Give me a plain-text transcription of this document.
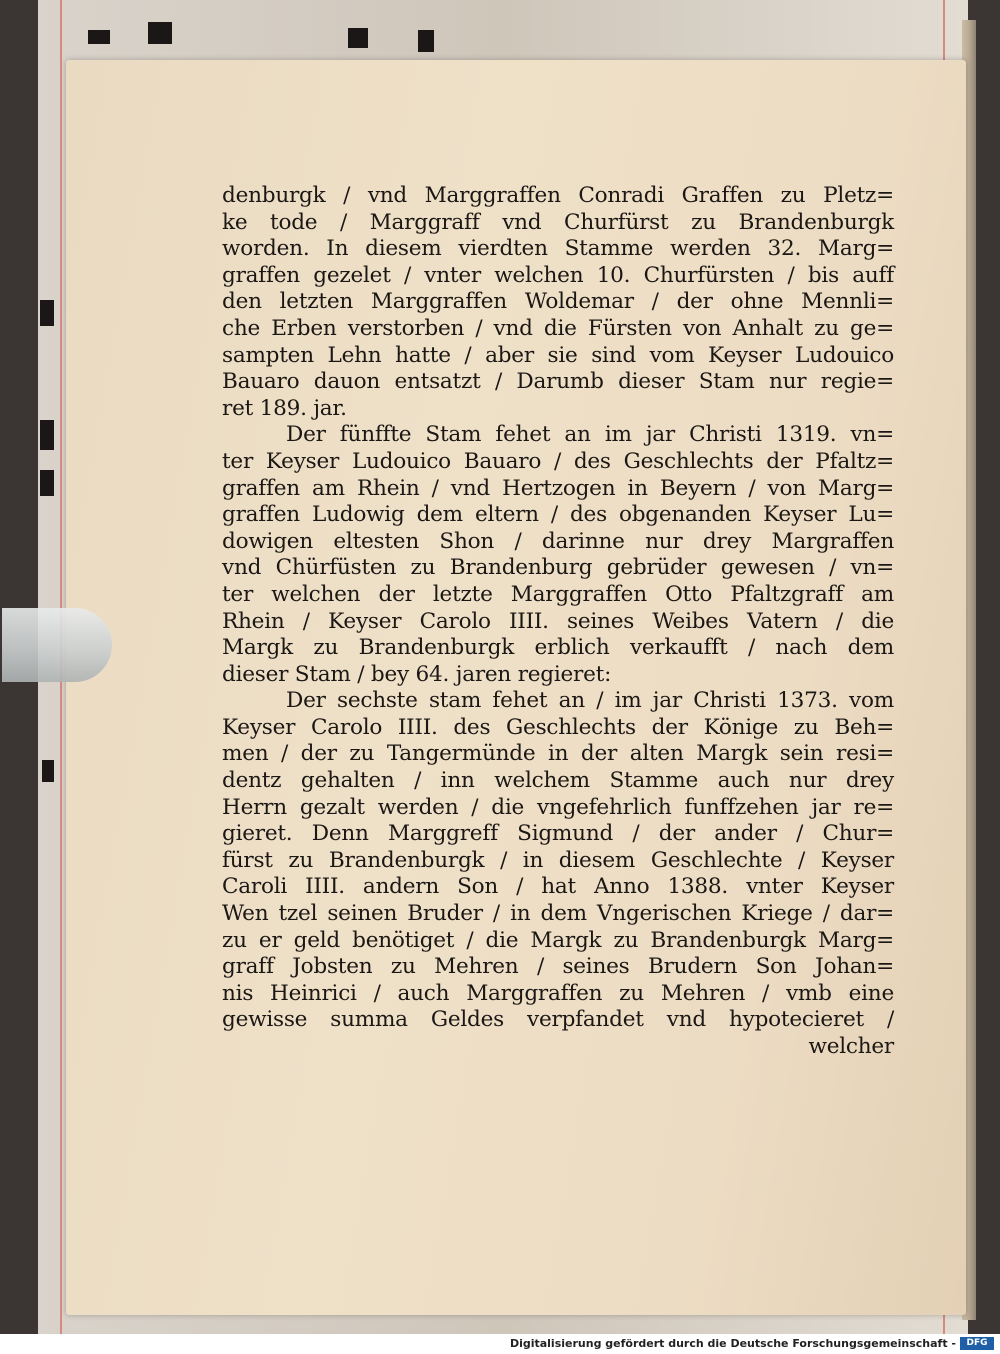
denburgk / vnd Marggraffen Conradi Graffen zu Pletz=
ke tode / Marggraff vnd Churfürst zu Brandenburgk
worden. In diesem vierdten Stamme werden 32. Marg=
graffen gezelet / vnter welchen 10. Churfürsten / bis auff
den letzten Marggraffen Woldemar / der ohne Mennli=
che Erben verstorben / vnd die Fürsten von Anhalt zu ge=
sampten Lehn hatte / aber sie sind vom Keyser Ludouico
Bauaro dauon entsatzt / Darumb dieser Stam nur regie=
ret 189. jar.
Der fünffte Stam fehet an im jar Christi 1319. vn=
ter Keyser Ludouico Bauaro / des Geschlechts der Pfaltz=
graffen am Rhein / vnd Hertzogen in Beyern / von Marg=
graffen Ludowig dem eltern / des obgenanden Keyser Lu=
dowigen eltesten Shon / darinne nur drey Margraffen
vnd Chürfüsten zu Brandenburg gebrüder gewesen / vn=
ter welchen der letzte Marggraffen Otto Pfaltzgraff am
Rhein / Keyser Carolo IIII. seines Weibes Vatern / die
Margk zu Brandenburgk erblich verkaufft / nach dem
dieser Stam / bey 64. jaren regieret:
Der sechste stam fehet an / im jar Christi 1373. vom
Keyser Carolo IIII. des Geschlechts der Könige zu Beh=
men / der zu Tangermünde in der alten Margk sein resi=
dentz gehalten / inn welchem Stamme auch nur drey
Herrn gezalt werden / die vngefehrlich funffzehen jar re=
gieret. Denn Marggreff Sigmund / der ander / Chur=
fürst zu Brandenburgk / in diesem Geschlechte / Keyser
Caroli IIII. andern Son / hat Anno 1388. vnter Keyser
Wen tzel seinen Bruder / in dem Vngerischen Kriege / dar=
zu er geld benötiget / die Margk zu Brandenburgk Marg=
graff Jobsten zu Mehren / seines Brudern Son Johan=
nis Heinrici / auch Marggraffen zu Mehren / vmb eine
gewisse summa Geldes verpfandet vnd hypotecieret /
welcher
Digitalisierung gefördert durch die Deutsche Forschungsgemeinschaft -	DFG
